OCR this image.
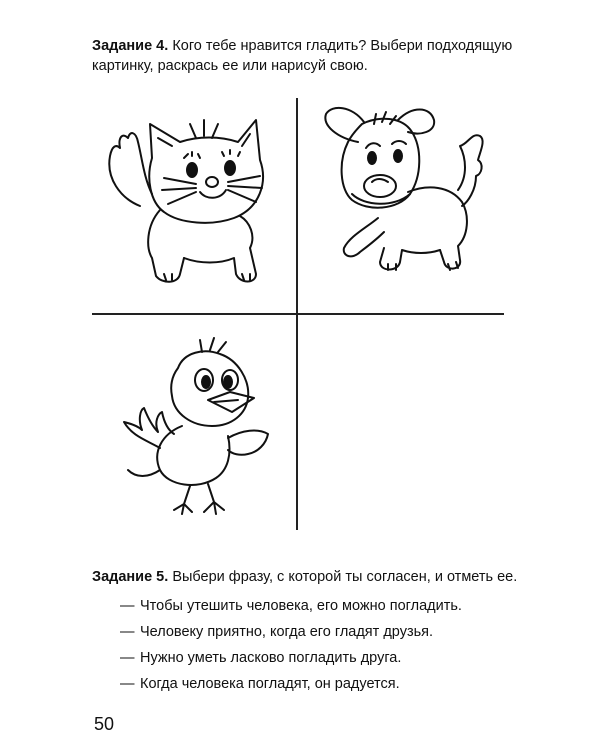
Задание 4. Кого тебе нравится гладить? Выбери подходящую картинку, раскрась ее или нарисуй свою.
Задание 5. Выбери фразу, с которой ты согласен, и отметь ее.
— Чтобы утешить человека, его можно погладить.
— Человеку приятно, когда его гладят друзья.
— Нужно уметь ласково погладить друга.
— Когда человека погладят, он радуется.
50
